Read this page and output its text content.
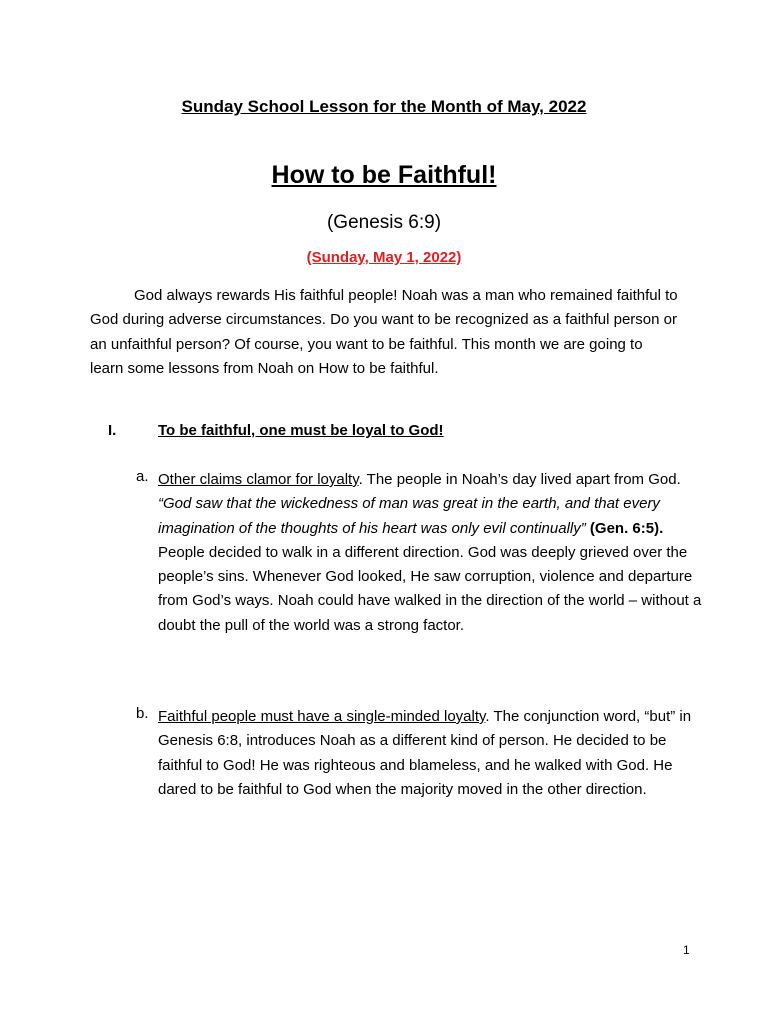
Sunday School Lesson for the Month of May, 2022
How to be Faithful!
(Genesis 6:9)
(Sunday, May 1, 2022)

God always rewards His faithful people! Noah was a man who remained faithful to God during adverse circumstances. Do you want to be recognized as a faithful person or an unfaithful person? Of course, you want to be faithful. This month we are going to learn some lessons from Noah on How to be faithful.

I.	To be faithful, one must be loyal to God!
a. Other claims clamor for loyalty. The people in Noah’s day lived apart from God. “God saw that the wickedness of man was great in the earth, and that every imagination of the thoughts of his heart was only evil continually” (Gen. 6:5). People decided to walk in a different direction. God was deeply grieved over the people’s sins. Whenever God looked, He saw corruption, violence and departure from God’s ways. Noah could have walked in the direction of the world – without a doubt the pull of the world was a strong factor.

b. Faithful people must have a single-minded loyalty. The conjunction word, “but” in Genesis 6:8, introduces Noah as a different kind of person. He decided to be faithful to God! He was righteous and blameless, and he walked with God. He dared to be faithful to God when the majority moved in the other direction.

1
